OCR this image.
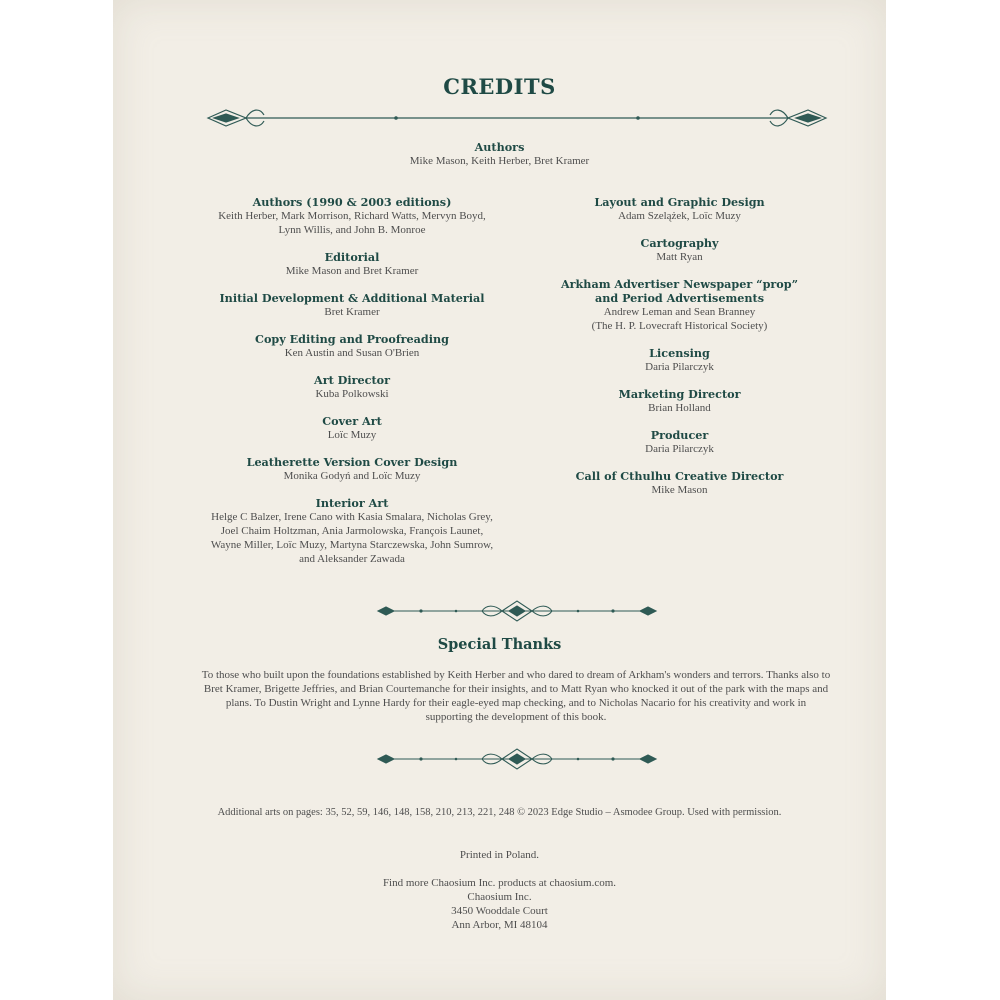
CREDITS
Authors
Mike Mason, Keith Herber, Bret Kramer
Authors (1990 & 2003 editions)
Keith Herber, Mark Morrison, Richard Watts, Mervyn Boyd,
Lynn Willis, and John B. Monroe
Editorial
Mike Mason and Bret Kramer
Initial Development & Additional Material
Bret Kramer
Copy Editing and Proofreading
Ken Austin and Susan O'Brien
Art Director
Kuba Polkowski
Cover Art
Loïc Muzy
Leatherette Version Cover Design
Monika Godyń and Loïc Muzy
Interior Art
Helge C Balzer, Irene Cano with Kasia Smalara, Nicholas Grey,
Joel Chaim Holtzman, Ania Jarmolowska, François Launet,
Wayne Miller, Loïc Muzy, Martyna Starczewska, John Sumrow,
and Aleksander Zawada
Layout and Graphic Design
Adam Szelążek, Loïc Muzy
Cartography
Matt Ryan
Arkham Advertiser Newspaper “prop” and Period Advertisements
Andrew Leman and Sean Branney
(The H. P. Lovecraft Historical Society)
Licensing
Daria Pilarczyk
Marketing Director
Brian Holland
Producer
Daria Pilarczyk
Call of Cthulhu Creative Director
Mike Mason
Special Thanks
To those who built upon the foundations established by Keith Herber and who dared to dream of Arkham's wonders and terrors. Thanks also to Bret Kramer, Brigette Jeffries, and Brian Courtemanche for their insights, and to Matt Ryan who knocked it out of the park with the maps and plans. To Dustin Wright and Lynne Hardy for their eagle-eyed map checking, and to Nicholas Nacario for his creativity and work in supporting the development of this book.
Additional arts on pages: 35, 52, 59, 146, 148, 158, 210, 213, 221, 248 © 2023 Edge Studio – Asmodee Group. Used with permission.
Printed in Poland.
Find more Chaosium Inc. products at chaosium.com.
Chaosium Inc.
3450 Wooddale Court
Ann Arbor, MI 48104
